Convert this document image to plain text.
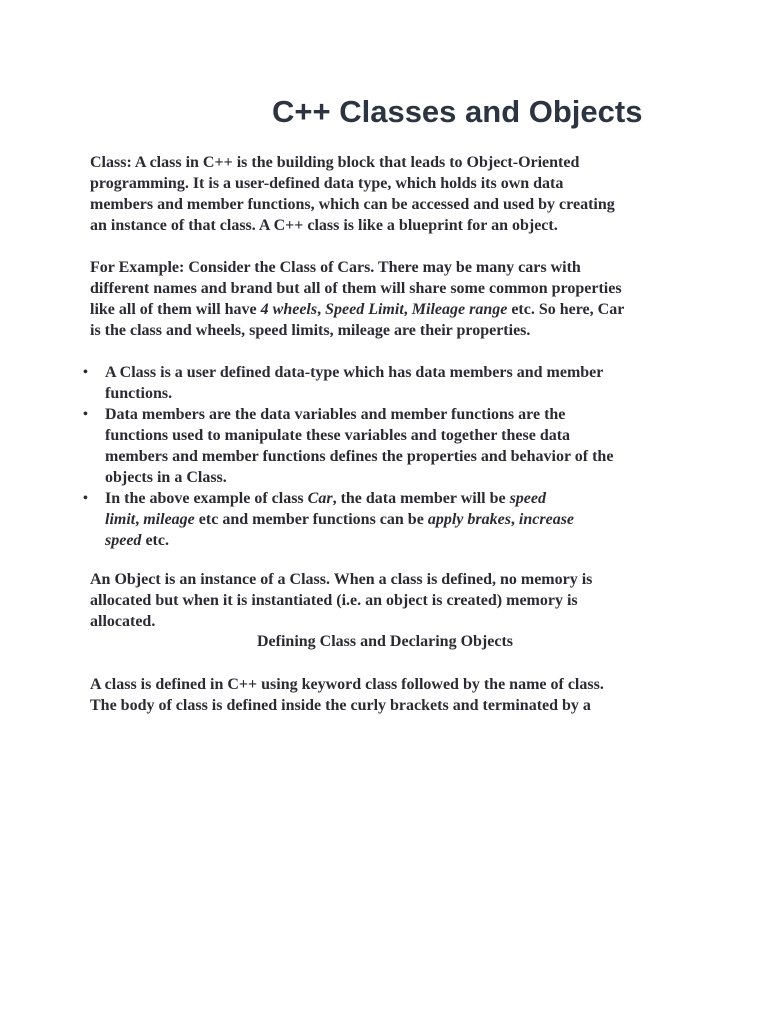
C++ Classes and Objects
Class: A class in C++ is the building block that leads to Object-Oriented
programming. It is a user-defined data type, which holds its own data
members and member functions, which can be accessed and used by creating
an instance of that class. A C++ class is like a blueprint for an object.
For Example: Consider the Class of Cars. There may be many cars with
different names and brand but all of them will share some common properties
like all of them will have 4 wheels, Speed Limit, Mileage range etc. So here, Car
is the class and wheels, speed limits, mileage are their properties.
• A Class is a user defined data-type which has data members and member
functions.
• Data members are the data variables and member functions are the
functions used to manipulate these variables and together these data
members and member functions defines the properties and behavior of the
objects in a Class.
• In the above example of class Car, the data member will be speed
limit, mileage etc and member functions can be apply brakes, increase
speed etc.
An Object is an instance of a Class. When a class is defined, no memory is
allocated but when it is instantiated (i.e. an object is created) memory is
allocated.
Defining Class and Declaring Objects
A class is defined in C++ using keyword class followed by the name of class.
The body of class is defined inside the curly brackets and terminated by a
